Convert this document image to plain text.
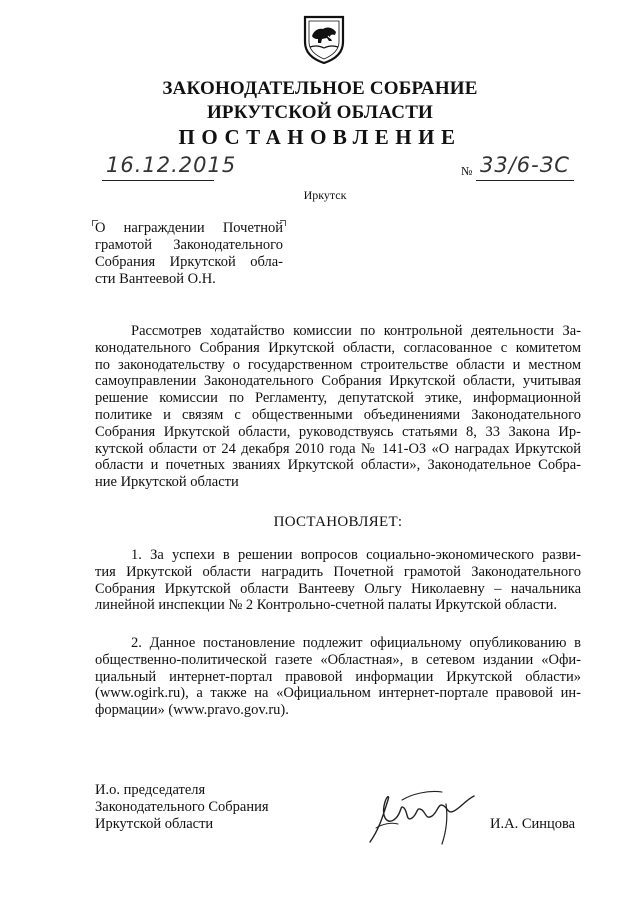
ЗАКОНОДАТЕЛЬНОЕ СОБРАНИЕ
ИРКУТСКОЙ ОБЛАСТИ
ПОСТАНОВЛЕНИЕ
16.12.2015	№ 33/6-ЗС
Иркутск
О награждении Почетной
грамотой Законодательного
Собрания Иркутской обла-
сти Вантеевой О.Н.
Рассмотрев ходатайство комиссии по контрольной деятельности За-
конодательного Собрания Иркутской области, согласованное с комитетом
по законодательству о государственном строительстве области и местном
самоуправлении Законодательного Собрания Иркутской области, учитывая
решение комиссии по Регламенту, депутатской этике, информационной
политике и связям с общественными объединениями Законодательного
Собрания Иркутской области, руководствуясь статьями 8, 33 Закона Ир-
кутской области от 24 декабря 2010 года № 141-ОЗ «О наградах Иркутской
области и почетных званиях Иркутской области», Законодательное Собра-
ние Иркутской области
ПОСТАНОВЛЯЕТ:
1. За успехи в решении вопросов социально-экономического разви-
тия Иркутской области наградить Почетной грамотой Законодательного
Собрания Иркутской области Вантееву Ольгу Николаевну – начальника
линейной инспекции № 2 Контрольно-счетной палаты Иркутской области.
2. Данное постановление подлежит официальному опубликованию в
общественно-политической газете «Областная», в сетевом издании «Офи-
циальный интернет-портал правовой информации Иркутской области»
(www.ogirk.ru), а также на «Официальном интернет-портале правовой ин-
формации» (www.pravo.gov.ru).
И.о. председателя
Законодательного Собрания
Иркутской области	И.А. Синцова
